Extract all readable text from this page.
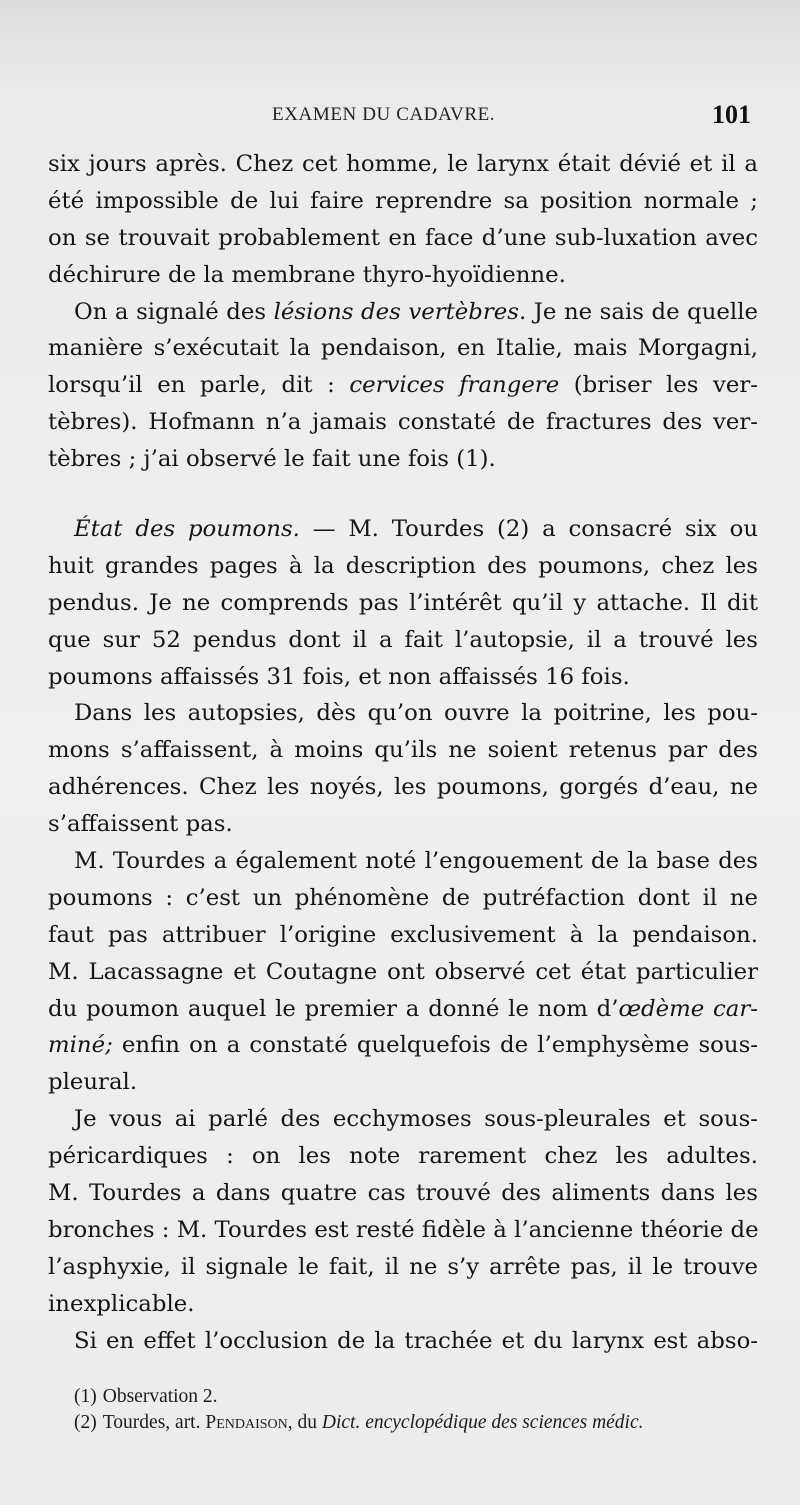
EXAMEN DU CADAVRE.	101
six jours après. Chez cet homme, le larynx était dévié et il a
été impossible de lui faire reprendre sa position normale ;
on se trouvait probablement en face d’une sub-luxation avec
déchirure de la membrane thyro-hyoïdienne.
On a signalé des lésions des vertèbres. Je ne sais de quelle
manière s’exécutait la pendaison, en Italie, mais Morgagni,
lorsqu’il en parle, dit : cervices frangere (briser les ver-
tèbres). Hofmann n’a jamais constaté de fractures des ver-
tèbres ; j’ai observé le fait une fois (1).
État des poumons. — M. Tourdes (2) a consacré six ou
huit grandes pages à la description des poumons, chez les
pendus. Je ne comprends pas l’intérêt qu’il y attache. Il dit
que sur 52 pendus dont il a fait l’autopsie, il a trouvé les
poumons affaissés 31 fois, et non affaissés 16 fois.
Dans les autopsies, dès qu’on ouvre la poitrine, les pou-
mons s’affaissent, à moins qu’ils ne soient retenus par des
adhérences. Chez les noyés, les poumons, gorgés d’eau, ne
s’affaissent pas.
M. Tourdes a également noté l’engouement de la base des
poumons : c’est un phénomène de putréfaction dont il ne
faut pas attribuer l’origine exclusivement à la pendaison.
M. Lacassagne et Coutagne ont observé cet état particulier
du poumon auquel le premier a donné le nom d’œdème car-
miné; enfin on a constaté quelquefois de l’emphysème sous-
pleural.
Je vous ai parlé des ecchymoses sous-pleurales et sous-
péricardiques : on les note rarement chez les adultes.
M. Tourdes a dans quatre cas trouvé des aliments dans les
bronches : M. Tourdes est resté fidèle à l’ancienne théorie de
l’asphyxie, il signale le fait, il ne s’y arrête pas, il le trouve
inexplicable.
Si en effet l’occlusion de la trachée et du larynx est abso-
(1) Observation 2.
(2) Tourdes, art. Pendaison, du Dict. encyclopédique des sciences médic.
